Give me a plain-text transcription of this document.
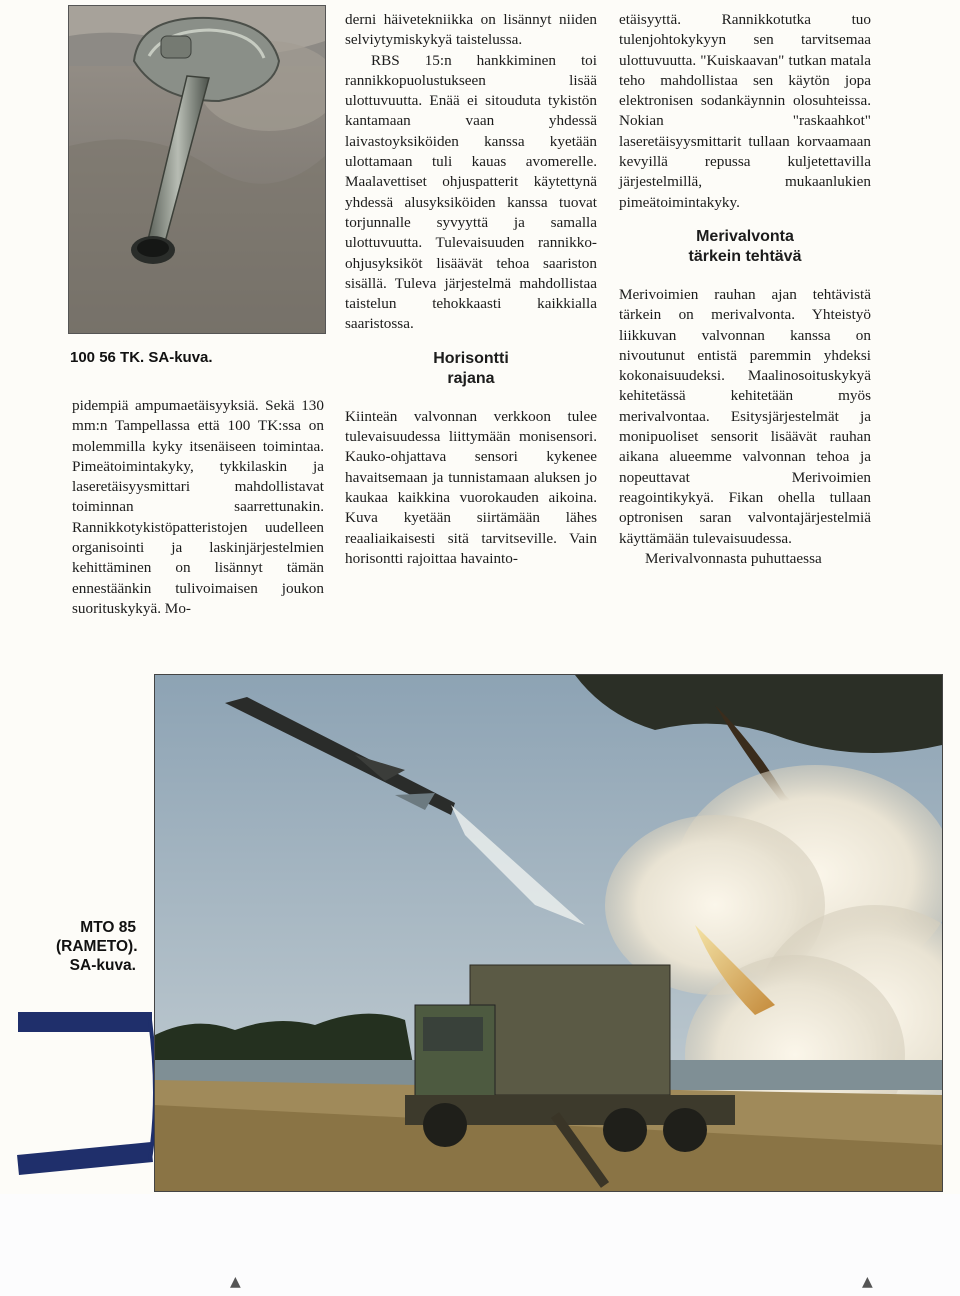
100 56 TK. SA-kuva.

pidempiä ampumaetäisyyksiä. Sekä 130 mm:n Tampellassa että 100 TK:ssa on molemmilla kyky itsenäiseen toimintaa. Pimeätoimintakyky, tykkilaskin ja laseretäisyysmittari mahdollistavat toiminnan saarrettunakin. Rannikkotykistöpatteristojen uudelleen organisointi ja laskinjärjestelmien kehittäminen on lisännyt tämän ennestäänkin tulivoimaisen joukon suorituskykyä. Mo-

derni häivetekniikka on lisännyt niiden selviytymiskykyä taistelussa.

RBS 15:n hankkiminen toi rannikkopuolustukseen lisää ulottuvuutta. Enää ei sitouduta tykistön kantamaan vaan yhdessä laivastoyksiköiden kanssa kyetään ulottamaan tuli kauas avomerelle. Maalavettiset ohjuspatterit käytettynä yhdessä alusyksiköiden kanssa tuovat torjunnalle syvyyttä ja samalla ulottuvuutta. Tulevaisuuden rannikko-ohjusyksiköt lisäävät tehoa saariston sisällä. Tuleva järjestelmä mahdollistaa taistelun tehokkaasti kaikkialla saaristossa.

Horisontti
rajana

Kiinteän valvonnan verkkoon tulee tulevaisuudessa liittymään monisensori. Kauko-ohjattava sensori kykenee havaitsemaan ja tunnistamaan aluksen jo kaukaa kaikkina vuorokauden aikoina. Kuva kyetään siirtämään lähes reaaliaikaisesti sitä tarvitseville. Vain horisontti rajoittaa havainto-

etäisyyttä. Rannikkotutka tuo tulenjohtokykyyn sen tarvitsemaa ulottuvuutta. "Kuiskaavan" tutkan matala teho mahdollistaa sen käytön jopa elektronisen sodankäynnin olosuhteissa. Nokian "raskaahkot" laseretäisyysmittarit tullaan korvaamaan kevyillä repussa kuljetettavilla järjestelmillä, mukaanlukien pimeätoimintakyky.

Merivalvonta
tärkein tehtävä

Merivoimien rauhan ajan tehtävistä tärkein on merivalvonta. Yhteistyö liikkuvan valvonnan kanssa on nivoutunut entistä paremmin yhdeksi kokonaisuudeksi. Maalinosoituskykyä kehitetässä kehitetään myös merivalvontaa. Esitysjärjestelmät ja monipuoliset sensorit lisäävät rauhan aikana alueemme valvonnan tehoa ja nopeuttavat Merivoimien reagointikykyä. Fikan ohella tullaan optronisen saran valvontajärjestelmiä käyttämään tulevaisuudessa.

Merivalvonnasta puhuttaessa

MTO 85
(RAMETO).
SA-kuva.
▲	▲
